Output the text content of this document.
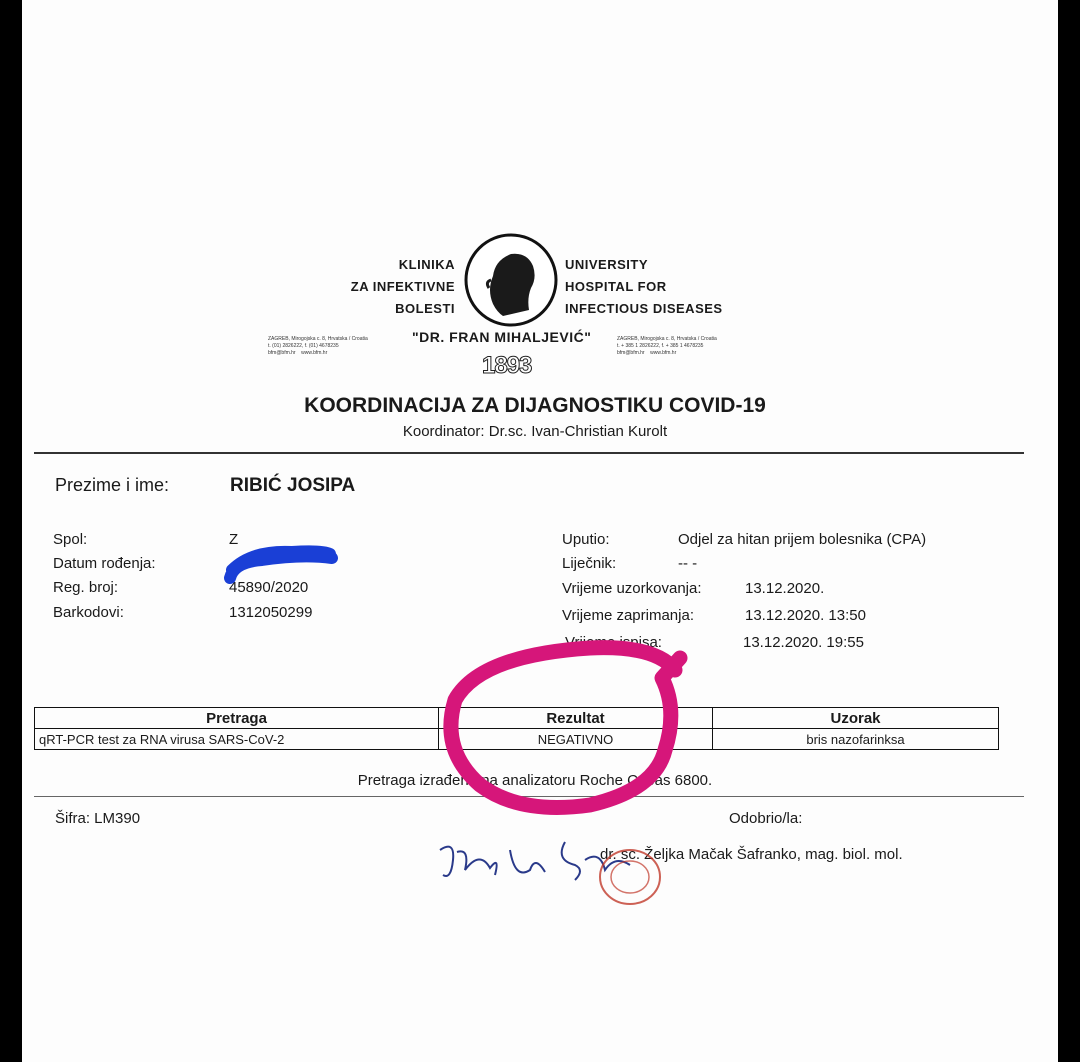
KLINIKA
ZA INFEKTIVNE
BOLESTI
UNIVERSITY
HOSPITAL FOR
INFECTIOUS DISEASES
ZAGREB, Mirogojska c. 8, Hrvatska / Croatia
t. (01) 2826222, f. (01) 4678235
bfm@bfm.hr    www.bfm.hr
"DR. FRAN MIHALJEVIĆ"	ZAGREB, Mirogojska c. 8, Hrvatska / Croatia
t. + 385 1 2826222, f. + 385 1 4678235
bfm@bfm.hr    www.bfm.hr
1893
KOORDINACIJA ZA DIJAGNOSTIKU COVID-19
Koordinator: Dr.sc. Ivan-Christian Kurolt
Prezime i ime:	RIBIĆ JOSIPA
Spol:	Z
Datum rođenja:
Reg. broj:	45890/2020
Barkodovi:	1312050299
Uputio:	Odjel za hitan prijem bolesnika (CPA)
Liječnik:	-- -
Vrijeme uzorkovanja:	13.12.2020.
Vrijeme zaprimanja:	13.12.2020. 13:50
Vrijeme ispisa:	13.12.2020. 19:55
Pretraga	Rezultat	Uzorak
qRT-PCR test za RNA virusa SARS-CoV-2	NEGATIVNO	bris nazofarinksa
Pretraga izrađena na analizatoru Roche Cobas 6800.
Šifra: LM390	Odobrio/la:
dr. sc. Željka Mačak Šafranko, mag. biol. mol.
